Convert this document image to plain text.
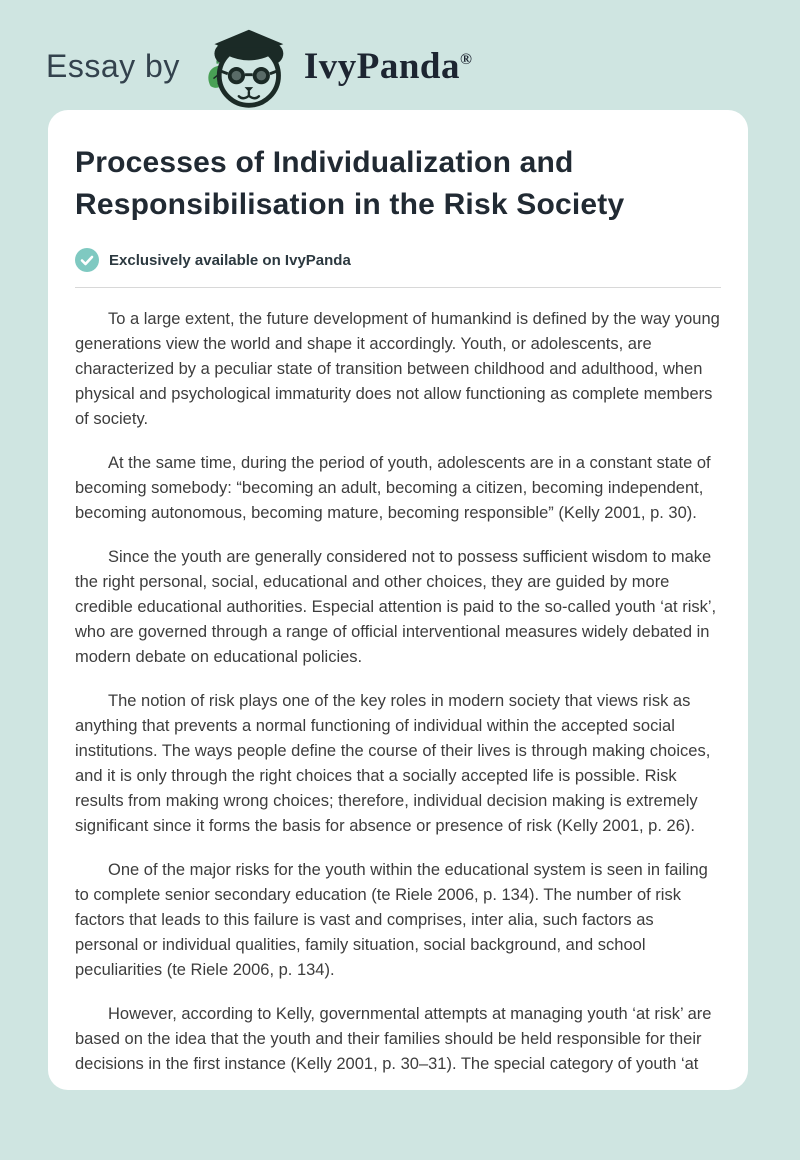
Essay by	IvyPanda®
Processes of Individualization and Responsibilisation in the Risk Society
Exclusively available on IvyPanda

To a large extent, the future development of humankind is defined by the way young generations view the world and shape it accordingly. Youth, or adolescents, are characterized by a peculiar state of transition between childhood and adulthood, when physical and psychological immaturity does not allow functioning as complete members of society.

At the same time, during the period of youth, adolescents are in a constant state of becoming somebody: “becoming an adult, becoming a citizen, becoming independent, becoming autonomous, becoming mature, becoming responsible” (Kelly 2001, p. 30).

Since the youth are generally considered not to possess sufficient wisdom to make the right personal, social, educational and other choices, they are guided by more credible educational authorities. Especial attention is paid to the so-called youth ‘at risk’, who are governed through a range of official interventional measures widely debated in modern debate on educational policies.

The notion of risk plays one of the key roles in modern society that views risk as anything that prevents a normal functioning of individual within the accepted social institutions. The ways people define the course of their lives is through making choices, and it is only through the right choices that a socially accepted life is possible. Risk results from making wrong choices; therefore, individual decision making is extremely significant since it forms the basis for absence or presence of risk (Kelly 2001, p. 26).

One of the major risks for the youth within the educational system is seen in failing to complete senior secondary education (te Riele 2006, p. 134). The number of risk factors that leads to this failure is vast and comprises, inter alia, such factors as personal or individual qualities, family situation, social background, and school peculiarities (te Riele 2006, p. 134).

However, according to Kelly, governmental attempts at managing youth ‘at risk’ are based on the idea that the youth and their families should be held responsible for their decisions in the first instance (Kelly 2001, p. 30–31). The special category of youth ‘at
